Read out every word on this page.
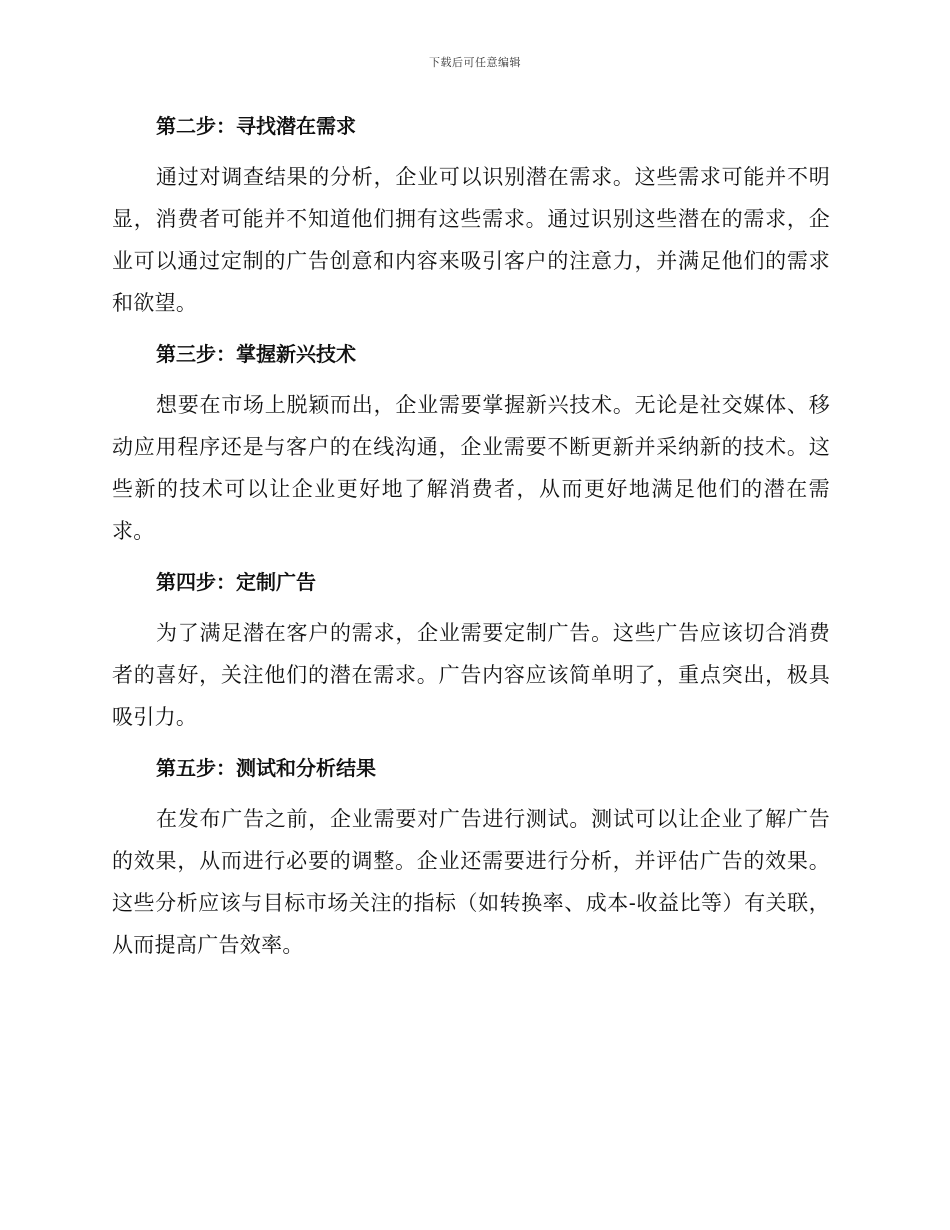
下载后可任意编辑
第二步：寻找潜在需求

通过对调查结果的分析，企业可以识别潜在需求。这些需求可能并不明显，消费者可能并不知道他们拥有这些需求。通过识别这些潜在的需求，企业可以通过定制的广告创意和内容来吸引客户的注意力，并满足他们的需求和欲望。

第三步：掌握新兴技术

想要在市场上脱颖而出，企业需要掌握新兴技术。无论是社交媒体、移动应用程序还是与客户的在线沟通，企业需要不断更新并采纳新的技术。这些新的技术可以让企业更好地了解消费者，从而更好地满足他们的潜在需求。

第四步：定制广告

为了满足潜在客户的需求，企业需要定制广告。这些广告应该切合消费者的喜好，关注他们的潜在需求。广告内容应该简单明了，重点突出，极具吸引力。

第五步：测试和分析结果

在发布广告之前，企业需要对广告进行测试。测试可以让企业了解广告的效果，从而进行必要的调整。企业还需要进行分析，并评估广告的效果。这些分析应该与目标市场关注的指标（如转换率、成本-收益比等）有关联，从而提高广告效率。
